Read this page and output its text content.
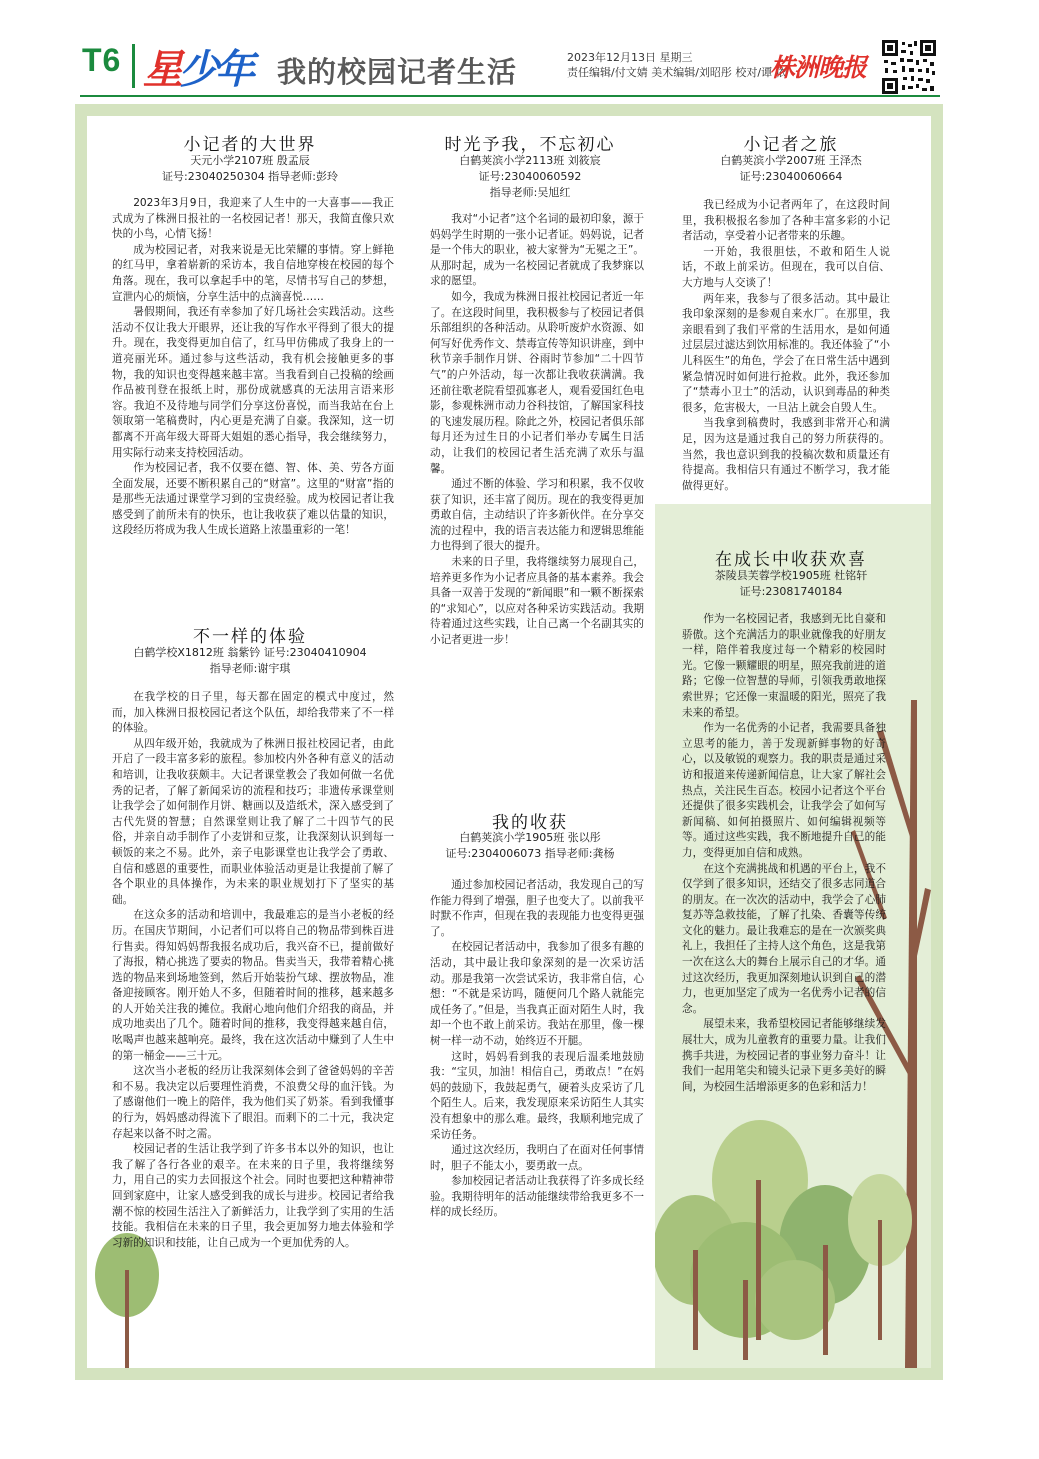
T6 星少年 我的校园记者生活	2023年12月13日 星期三
责任编辑/付文婧 美术编辑/刘昭彤 校对/谭 依
株洲晚报
小记者的大世界
天元小学2107班 殷孟辰
证号:23040250304 指导老师:彭玲

2023年3月9日，我迎来了人生中的一大喜事——我正式成为了株洲日报社的一名校园记者！那天，我简直像只欢快的小鸟，心情飞扬！

成为校园记者，对我来说是无比荣耀的事情。穿上鲜艳的红马甲，拿着崭新的采访本，我自信地穿梭在校园的每个角落。现在，我可以拿起手中的笔，尽情书写自己的梦想，宣泄内心的烦恼，分享生活中的点滴喜悦……

暑假期间，我还有幸参加了好几场社会实践活动。这些活动不仅让我大开眼界，还让我的写作水平得到了很大的提升。现在，我变得更加自信了，红马甲仿佛成了我身上的一道亮丽光环。通过参与这些活动，我有机会接触更多的事物，我的知识也变得越来越丰富。当我看到自己投稿的绘画作品被刊登在报纸上时，那份成就感真的无法用言语来形容。我迫不及待地与同学们分享这份喜悦，而当我站在台上领取第一笔稿费时，内心更是充满了自豪。我深知，这一切都离不开高年级大哥哥大姐姐的悉心指导，我会继续努力，用实际行动来支持校园活动。

作为校园记者，我不仅要在德、智、体、美、劳各方面全面发展，还要不断积累自己的“财富”。这里的“财富”指的是那些无法通过课堂学习到的宝贵经验。成为校园记者让我感受到了前所未有的快乐，也让我收获了难以估量的知识，这段经历将成为我人生成长道路上浓墨重彩的一笔！

不一样的体验
白鹤学校X1812班 翁紫钤 证号:23040410904
指导老师:谢宇琪

在我学校的日子里，每天都在固定的模式中度过，然而，加入株洲日报校园记者这个队伍，却给我带来了不一样的体验。

从四年级开始，我就成为了株洲日报社校园记者，由此开启了一段丰富多彩的旅程。参加校内外各种有意义的活动和培训，让我收获颇丰。大记者课堂教会了我如何做一名优秀的记者，了解了新闻采访的流程和技巧；非遗传承课堂则让我学会了如何制作月饼、糖画以及造纸术，深入感受到了古代先贤的智慧；自然课堂则让我了解了二十四节气的民俗，并亲自动手制作了小麦饼和豆浆，让我深刻认识到每一顿饭的来之不易。此外，亲子电影课堂也让我学会了勇敢、自信和感恩的重要性，而职业体验活动更是让我提前了解了各个职业的具体操作，为未来的职业规划打下了坚实的基础。

在这众多的活动和培训中，我最难忘的是当小老板的经历。在国庆节期间，小记者们可以将自己的物品带到株百进行售卖。得知妈妈帮我报名成功后，我兴奋不已，提前做好了海报，精心挑选了要卖的物品。售卖当天，我带着精心挑选的物品来到场地签到，然后开始装扮气球、摆放物品，准备迎接顾客。刚开始人不多，但随着时间的推移，越来越多的人开始关注我的摊位。我耐心地向他们介绍我的商品，并成功地卖出了几个。随着时间的推移，我变得越来越自信，吆喝声也越来越响亮。最终，我在这次活动中赚到了人生中的第一桶金——三十元。

这次当小老板的经历让我深刻体会到了爸爸妈妈的辛苦和不易。我决定以后要理性消费，不浪费父母的血汗钱。为了感谢他们一晚上的陪伴，我为他们买了奶茶。看到我懂事的行为，妈妈感动得流下了眼泪。而剩下的二十元，我决定存起来以备不时之需。

校园记者的生活让我学到了许多书本以外的知识，也让我了解了各行各业的艰辛。在未来的日子里，我将继续努力，用自己的实力去回报这个社会。同时也要把这种精神带回到家庭中，让家人感受到我的成长与进步。校园记者给我潮不惊的校园生活注入了新鲜活力，让我学到了实用的生活技能。我相信在未来的日子里，我会更加努力地去体验和学习新的知识和技能，让自己成为一个更加优秀的人。

时光予我，不忘初心
白鹤荚滨小学2113班 刘筱宸
证号:23040060592
指导老师:吴旭红

我对“小记者”这个名词的最初印象，源于妈妈学生时期的一张小记者证。妈妈说，记者是一个伟大的职业，被大家誉为“无冕之王”。从那时起，成为一名校园记者就成了我梦寐以求的愿望。

如今，我成为株洲日报社校园记者近一年了。在这段时间里，我积极参与了校园记者俱乐部组织的各种活动。从聆听废炉水资源、如何写好优秀作文、禁毒宣传等知识讲座，到中秋节亲手制作月饼、谷雨时节参加“二十四节气”的户外活动，每一次都让我收获满满。我还前往歌老院看望孤寡老人，观看爱国红色电影，参观株洲市动力谷科技馆，了解国家科技的飞速发展历程。除此之外，校园记者俱乐部每月还为过生日的小记者们举办专属生日活动，让我们的校园记者生活充满了欢乐与温馨。

通过不断的体验、学习和积累，我不仅收获了知识，还丰富了阅历。现在的我变得更加勇敢自信，主动结识了许多新伙伴。在分享交流的过程中，我的语言表达能力和逻辑思维能力也得到了很大的提升。

未来的日子里，我将继续努力展现自己，培养更多作为小记者应具备的基本素养。我会具备一双善于发现的“新闻眼”和一颗不断探索的“求知心”，以应对各种采访实践活动。我期待着通过这些实践，让自己离一个名副其实的小记者更进一步！

我的收获
白鹤荚滨小学1905班 张以彤
证号:2304006073 指导老师:龚杨

通过参加校园记者活动，我发现自己的写作能力得到了增强，胆子也变大了。以前我平时默不作声，但现在我的表现能力也变得更强了。

在校园记者活动中，我参加了很多有趣的活动，其中最让我印象深刻的是一次采访活动。那是我第一次尝试采访，我非常自信，心想：“不就是采访吗，随便问几个路人就能完成任务了。”但是，当我真正面对陌生人时，我却一个也不敢上前采访。我站在那里，像一棵树一样一动不动，始终迈不开腿。

这时，妈妈看到我的表现后温柔地鼓励我：“宝贝，加油！相信自己，勇敢点！”在妈妈的鼓励下，我鼓起勇气，硬着头皮采访了几个陌生人。后来，我发现原来采访陌生人其实没有想象中的那么难。最终，我顺利地完成了采访任务。

通过这次经历，我明白了在面对任何事情时，胆子不能太小，要勇敢一点。

参加校园记者活动让我获得了许多成长经验。我期待明年的活动能继续带给我更多不一样的成长经历。

小记者之旅
白鹤荚滨小学2007班 王泽杰
证号:23040060664

我已经成为小记者两年了，在这段时间里，我积极报名参加了各种丰富多彩的小记者活动，享受着小记者带来的乐趣。

一开始，我很胆怯，不敢和陌生人说话，不敢上前采访。但现在，我可以自信、大方地与人交谈了！

两年来，我参与了很多活动。其中最让我印象深刻的是参观自来水厂。在那里，我亲眼看到了我们平常的生活用水，是如何通过层层过滤达到饮用标准的。我还体验了“小儿科医生”的角色，学会了在日常生活中遇到紧急情况时如何进行抢救。此外，我还参加了“禁毒小卫士”的活动，认识到毒品的种类很多，危害极大，一旦沾上就会自毁人生。

当我拿到稿费时，我感到非常开心和满足，因为这是通过我自己的努力所获得的。当然，我也意识到我的投稿次数和质量还有待提高。我相信只有通过不断学习，我才能做得更好。

在成长中收获欢喜
茶陵县芙蓉学校1905班 杜铭轩
证号:23081740184

作为一名校园记者，我感到无比自豪和骄傲。这个充满活力的职业就像我的好朋友一样，陪伴着我度过每一个精彩的校园时光。它像一颗耀眼的明星，照亮我前进的道路；它像一位智慧的导师，引领我勇敢地探索世界；它还像一束温暖的阳光，照亮了我未来的希望。

作为一名优秀的小记者，我需要具备独立思考的能力，善于发现新鲜事物的好奇心，以及敏锐的观察力。我的职责是通过采访和报道来传递新闻信息，让大家了解社会热点，关注民生百态。校园小记者这个平台还提供了很多实践机会，让我学会了如何写新闻稿、如何拍摄照片、如何编辑视频等等。通过这些实践，我不断地提升自己的能力，变得更加自信和成熟。

在这个充满挑战和机遇的平台上，我不仅学到了很多知识，还结交了很多志同道合的朋友。在一次次的活动中，我学会了心肺复苏等急救技能，了解了扎染、香囊等传统文化的魅力。最让我难忘的是在一次颁奖典礼上，我担任了主持人这个角色，这是我第一次在这么大的舞台上展示自己的才华。通过这次经历，我更加深刻地认识到自己的潜力，也更加坚定了成为一名优秀小记者的信念。

展望未来，我希望校园记者能够继续发展壮大，成为儿童教育的重要力量。让我们携手共进，为校园记者的事业努力奋斗！让我们一起用笔尖和镜头记录下更多美好的瞬间，为校园生活增添更多的色彩和活力！
